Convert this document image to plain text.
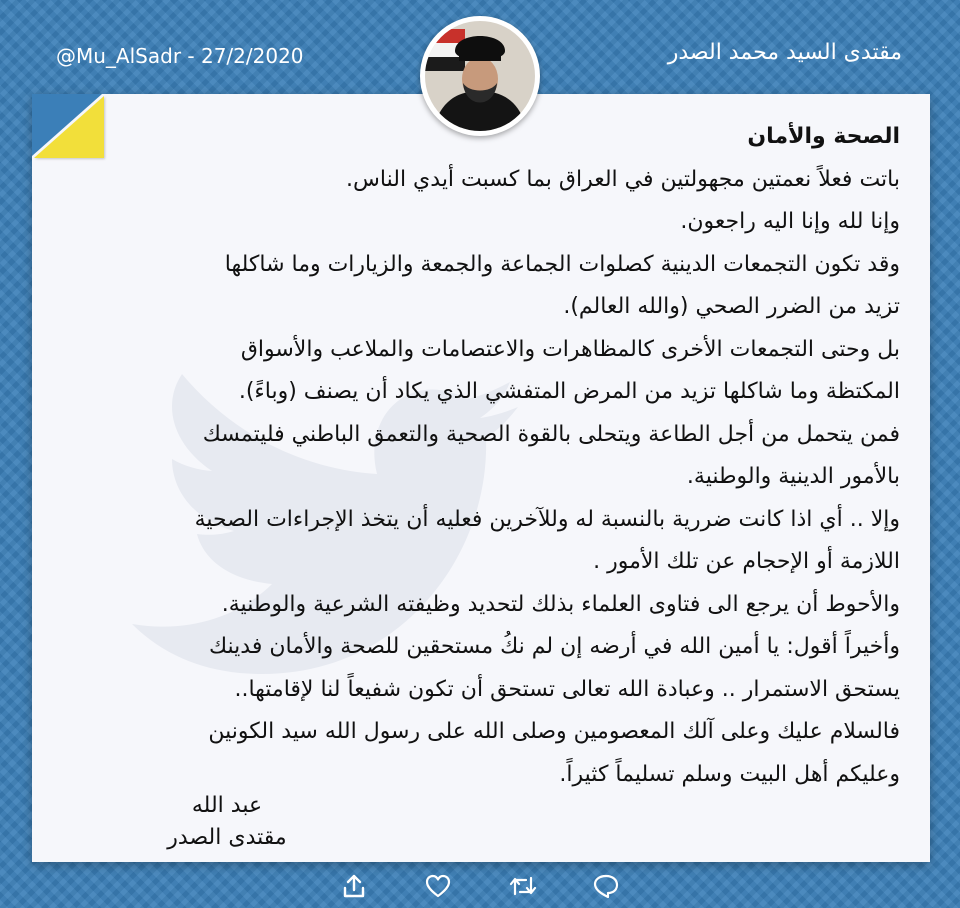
@Mu_AlSadr - 27/2/2020	مقتدى السيد محمد الصدر
الصحة والأمان
باتت فعلاً نعمتين مجهولتين في العراق بما كسبت أيدي الناس.
وإنا لله وإنا اليه راجعون.
وقد تكون التجمعات الدينية كصلوات الجماعة والجمعة والزيارات وما شاكلها
تزيد من الضرر الصحي (والله العالم).
بل وحتى التجمعات الأخرى كالمظاهرات والاعتصامات والملاعب والأسواق
المكتظة وما شاكلها تزيد من المرض المتفشي الذي يكاد أن يصنف (وباءً).
فمن يتحمل من أجل الطاعة ويتحلى بالقوة الصحية والتعمق الباطني فليتمسك
بالأمور الدينية والوطنية.
وإلا .. أي اذا كانت ضررية بالنسبة له وللآخرين فعليه أن يتخذ الإجراءات الصحية
اللازمة أو الإحجام عن تلك الأمور .
والأحوط أن يرجع الى فتاوى العلماء بذلك لتحديد وظيفته الشرعية والوطنية.
وأخيراً أقول: يا أمين الله في أرضه إن لم نكُ مستحقين للصحة والأمان فدينك
يستحق الاستمرار .. وعبادة الله تعالى تستحق أن تكون شفيعاً لنا لإقامتها..
فالسلام عليك وعلى آلك المعصومين وصلى الله على رسول الله سيد الكونين
وعليكم أهل البيت وسلم تسليماً كثيراً.
عبد الله
مقتدى الصدر
